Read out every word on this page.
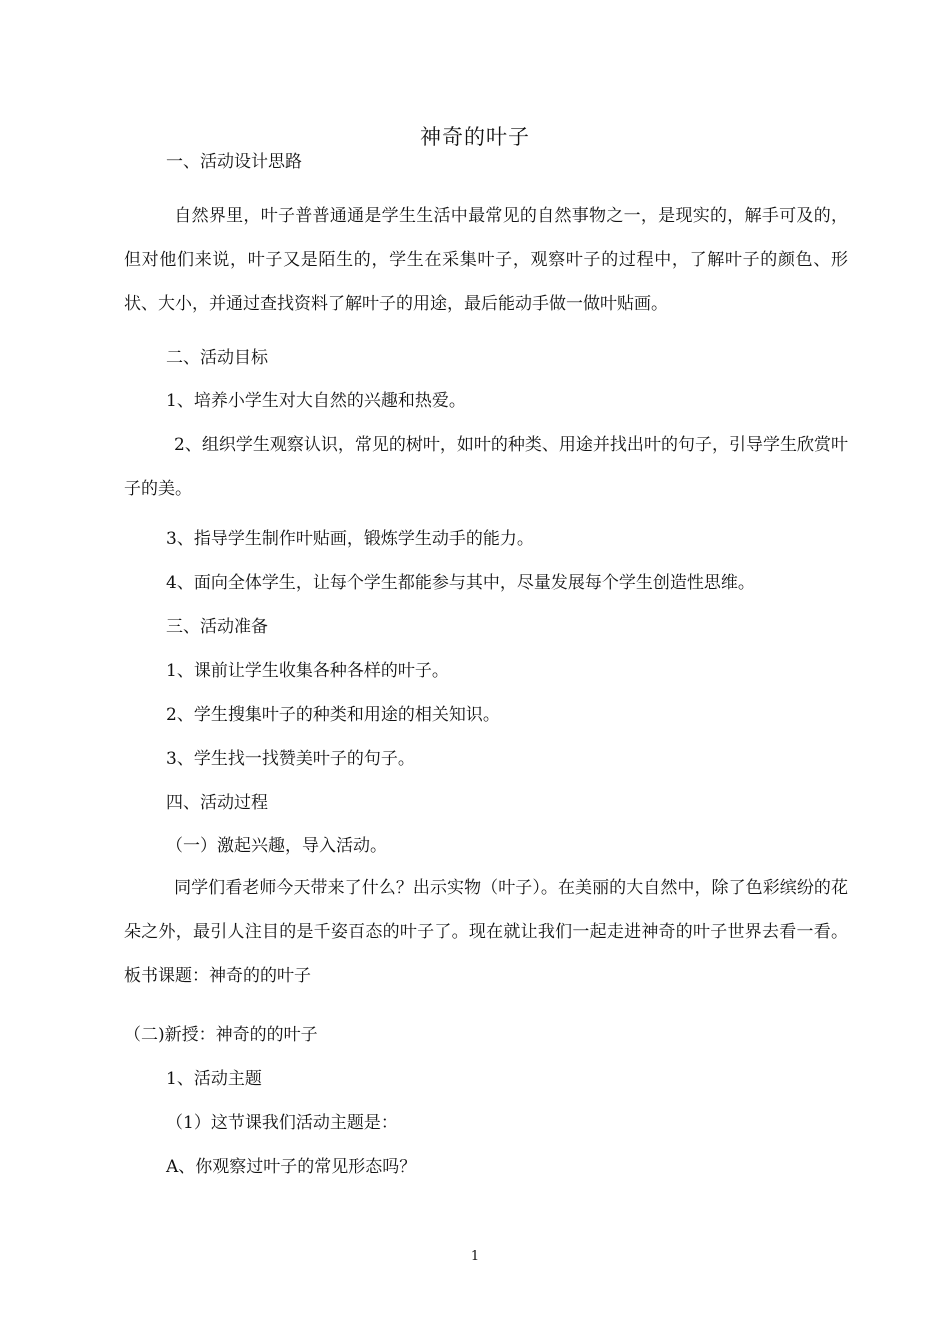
神奇的叶子
一、活动设计思路
自然界里，叶子普普通通是学生生活中最常见的自然事物之一，是现实的，解手可及的，但对他们来说，叶子又是陌生的，学生在采集叶子，观察叶子的过程中，了解叶子的颜色、形状、大小，并通过查找资料了解叶子的用途，最后能动手做一做叶贴画。
二、活动目标
1、培养小学生对大自然的兴趣和热爱。
2、组织学生观察认识，常见的树叶，如叶的种类、用途并找出叶的句子，引导学生欣赏叶子的美。
3、指导学生制作叶贴画，锻炼学生动手的能力。
4、面向全体学生，让每个学生都能参与其中，尽量发展每个学生创造性思维。
三、活动准备
1、课前让学生收集各种各样的叶子。
2、学生搜集叶子的种类和用途的相关知识。
3、学生找一找赞美叶子的句子。
四、活动过程
（一）激起兴趣，导入活动。
同学们看老师今天带来了什么？出示实物（叶子）。在美丽的大自然中，除了色彩缤纷的花朵之外，最引人注目的是千姿百态的叶子了。现在就让我们一起走进神奇的叶子世界去看一看。板书课题：神奇的的叶子
（二)新授：神奇的的叶子
1、活动主题
（1）这节课我们活动主题是：
A、你观察过叶子的常见形态吗？
1
